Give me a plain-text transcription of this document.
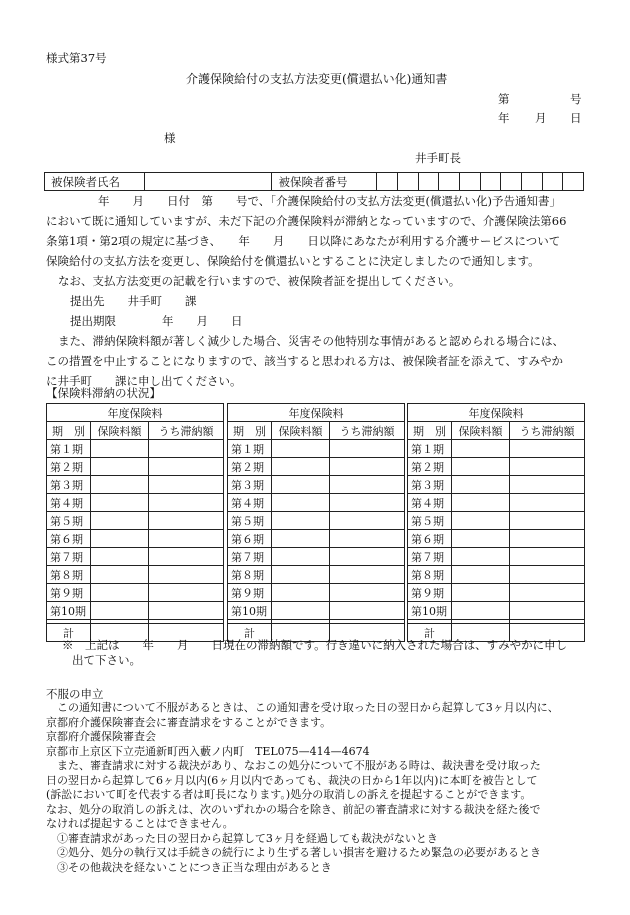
様式第37号
介護保険給付の支払方法変更(償還払い化)通知書
第	号
年 月 日
様
井手町長
被保険者氏名		被保険者番号										
年　　月　　日付　第　　号で、「介護保険給付の支払方法変更(償還払い化)予告通知書」
において既に通知していますが、未だ下記の介護保険料が滞納となっていますので、介護保険法第66
条第1項・第2項の規定に基づき、　　年　　月　　日以降にあなたが利用する介護サービスについて
保険給付の支払方法を変更し、保険給付を償還払いとすることに決定しましたので通知します。
なお、支払方法変更の記載を行いますので、被保険者証を提出してください。
提出先　　井手町　　課
提出期限　　　　年　　月　　日
また、滞納保険料額が著しく減少した場合、災害その他特別な事情があると認められる場合には、
この措置を中止することになりますので、該当すると思われる方は、被保険者証を添えて、すみやか
に井手町　　課に申し出てください。
【保険料滞納の状況】
年度保険料		
期　別	保険料額	うち滞納額
第１期		
第２期		
第３期		
第４期		
第５期		
第６期		
第７期		
第８期		
第９期		
第10期		

計		
年度保険料		
期　別	保険料額	うち滞納額
第１期		
第２期		
第３期		
第４期		
第５期		
第６期		
第７期		
第８期		
第９期		
第10期		

計		
年度保険料		
期　別	保険料額	うち滞納額
第１期		
第２期		
第３期		
第４期		
第５期		
第６期		
第７期		
第８期		
第９期		
第10期		

計		
※　上記は　　年　　月　　日現在の滞納額です。行き違いに納入された場合は、すみやかに申し
出て下さい。
不服の申立
　この通知書について不服があるときは、この通知書を受け取った日の翌日から起算して3ヶ月以内に、
京都府介護保険審査会に審査請求をすることができます。
京都府介護保険審査会
京都市上京区下立売通新町西入藪ノ内町　TEL075—414—4674
　また、審査請求に対する裁決があり、なおこの処分について不服がある時は、裁決書を受け取った
日の翌日から起算して6ヶ月以内(6ヶ月以内であっても、裁決の日から1年以内)に本町を被告として
(訴訟において町を代表する者は町長になります。)処分の取消しの訴えを提起することができます。
なお、処分の取消しの訴えは、次のいずれかの場合を除き、前記の審査請求に対する裁決を経た後で
なければ提起することはできません。
　①審査請求があった日の翌日から起算して3ヶ月を経過しても裁決がないとき
　②処分、処分の執行又は手続きの続行により生ずる著しい損害を避けるため緊急の必要があるとき
　③その他裁決を経ないことにつき正当な理由があるとき
